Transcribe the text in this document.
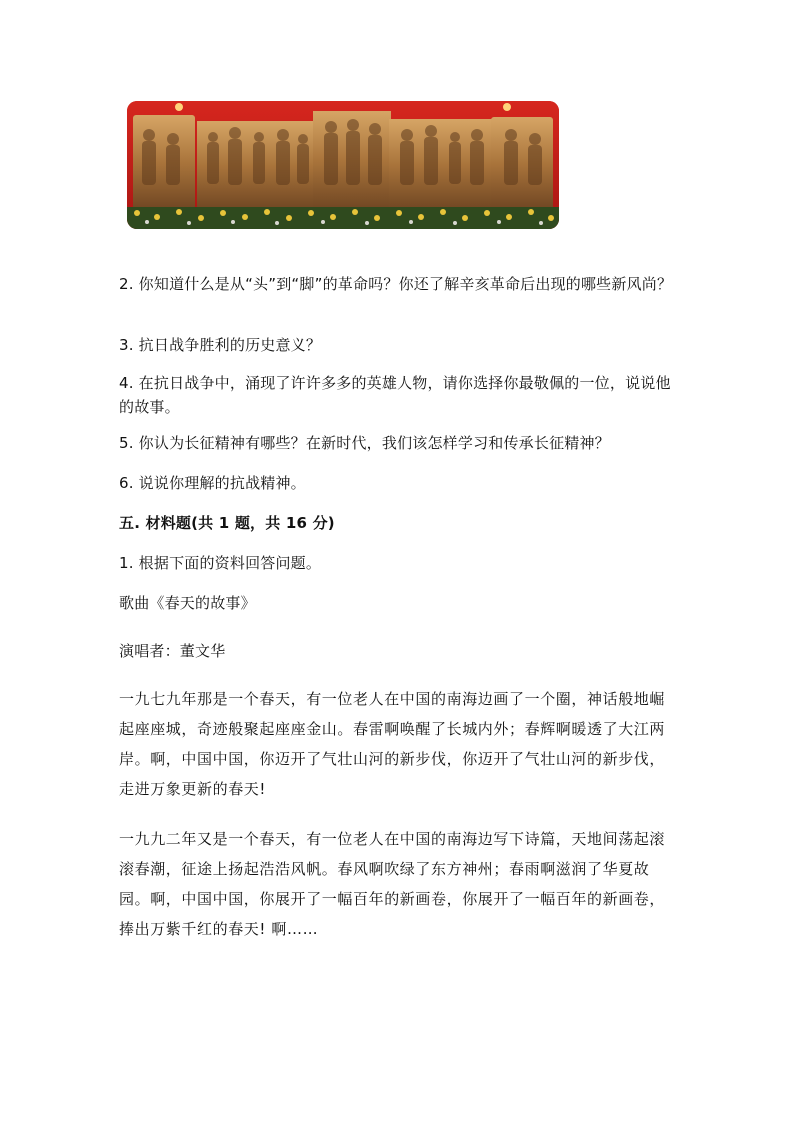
2. 你知道什么是从“头”到“脚”的革命吗？你还了解辛亥革命后出现的哪些新风尚？

3. 抗日战争胜利的历史意义？

4. 在抗日战争中，涌现了许许多多的英雄人物，请你选择你最敬佩的一位，说说他的故事。

5. 你认为长征精神有哪些？在新时代，我们该怎样学习和传承长征精神？

6. 说说你理解的抗战精神。

五. 材料题(共 1 题，共 16 分)

1. 根据下面的资料回答问题。

歌曲《春天的故事》

演唱者：董文华

一九七九年那是一个春天，有一位老人在中国的南海边画了一个圈，神话般地崛起座座城，奇迹般聚起座座金山。春雷啊唤醒了长城内外；春辉啊暖透了大江两岸。啊，中国中国，你迈开了气壮山河的新步伐，你迈开了气壮山河的新步伐，走进万象更新的春天!

一九九二年又是一个春天，有一位老人在中国的南海边写下诗篇，天地间荡起滚滚春潮，征途上扬起浩浩风帆。春风啊吹绿了东方神州；春雨啊滋润了华夏故园。啊，中国中国，你展开了一幅百年的新画卷，你展开了一幅百年的新画卷，捧出万紫千红的春天! 啊……
